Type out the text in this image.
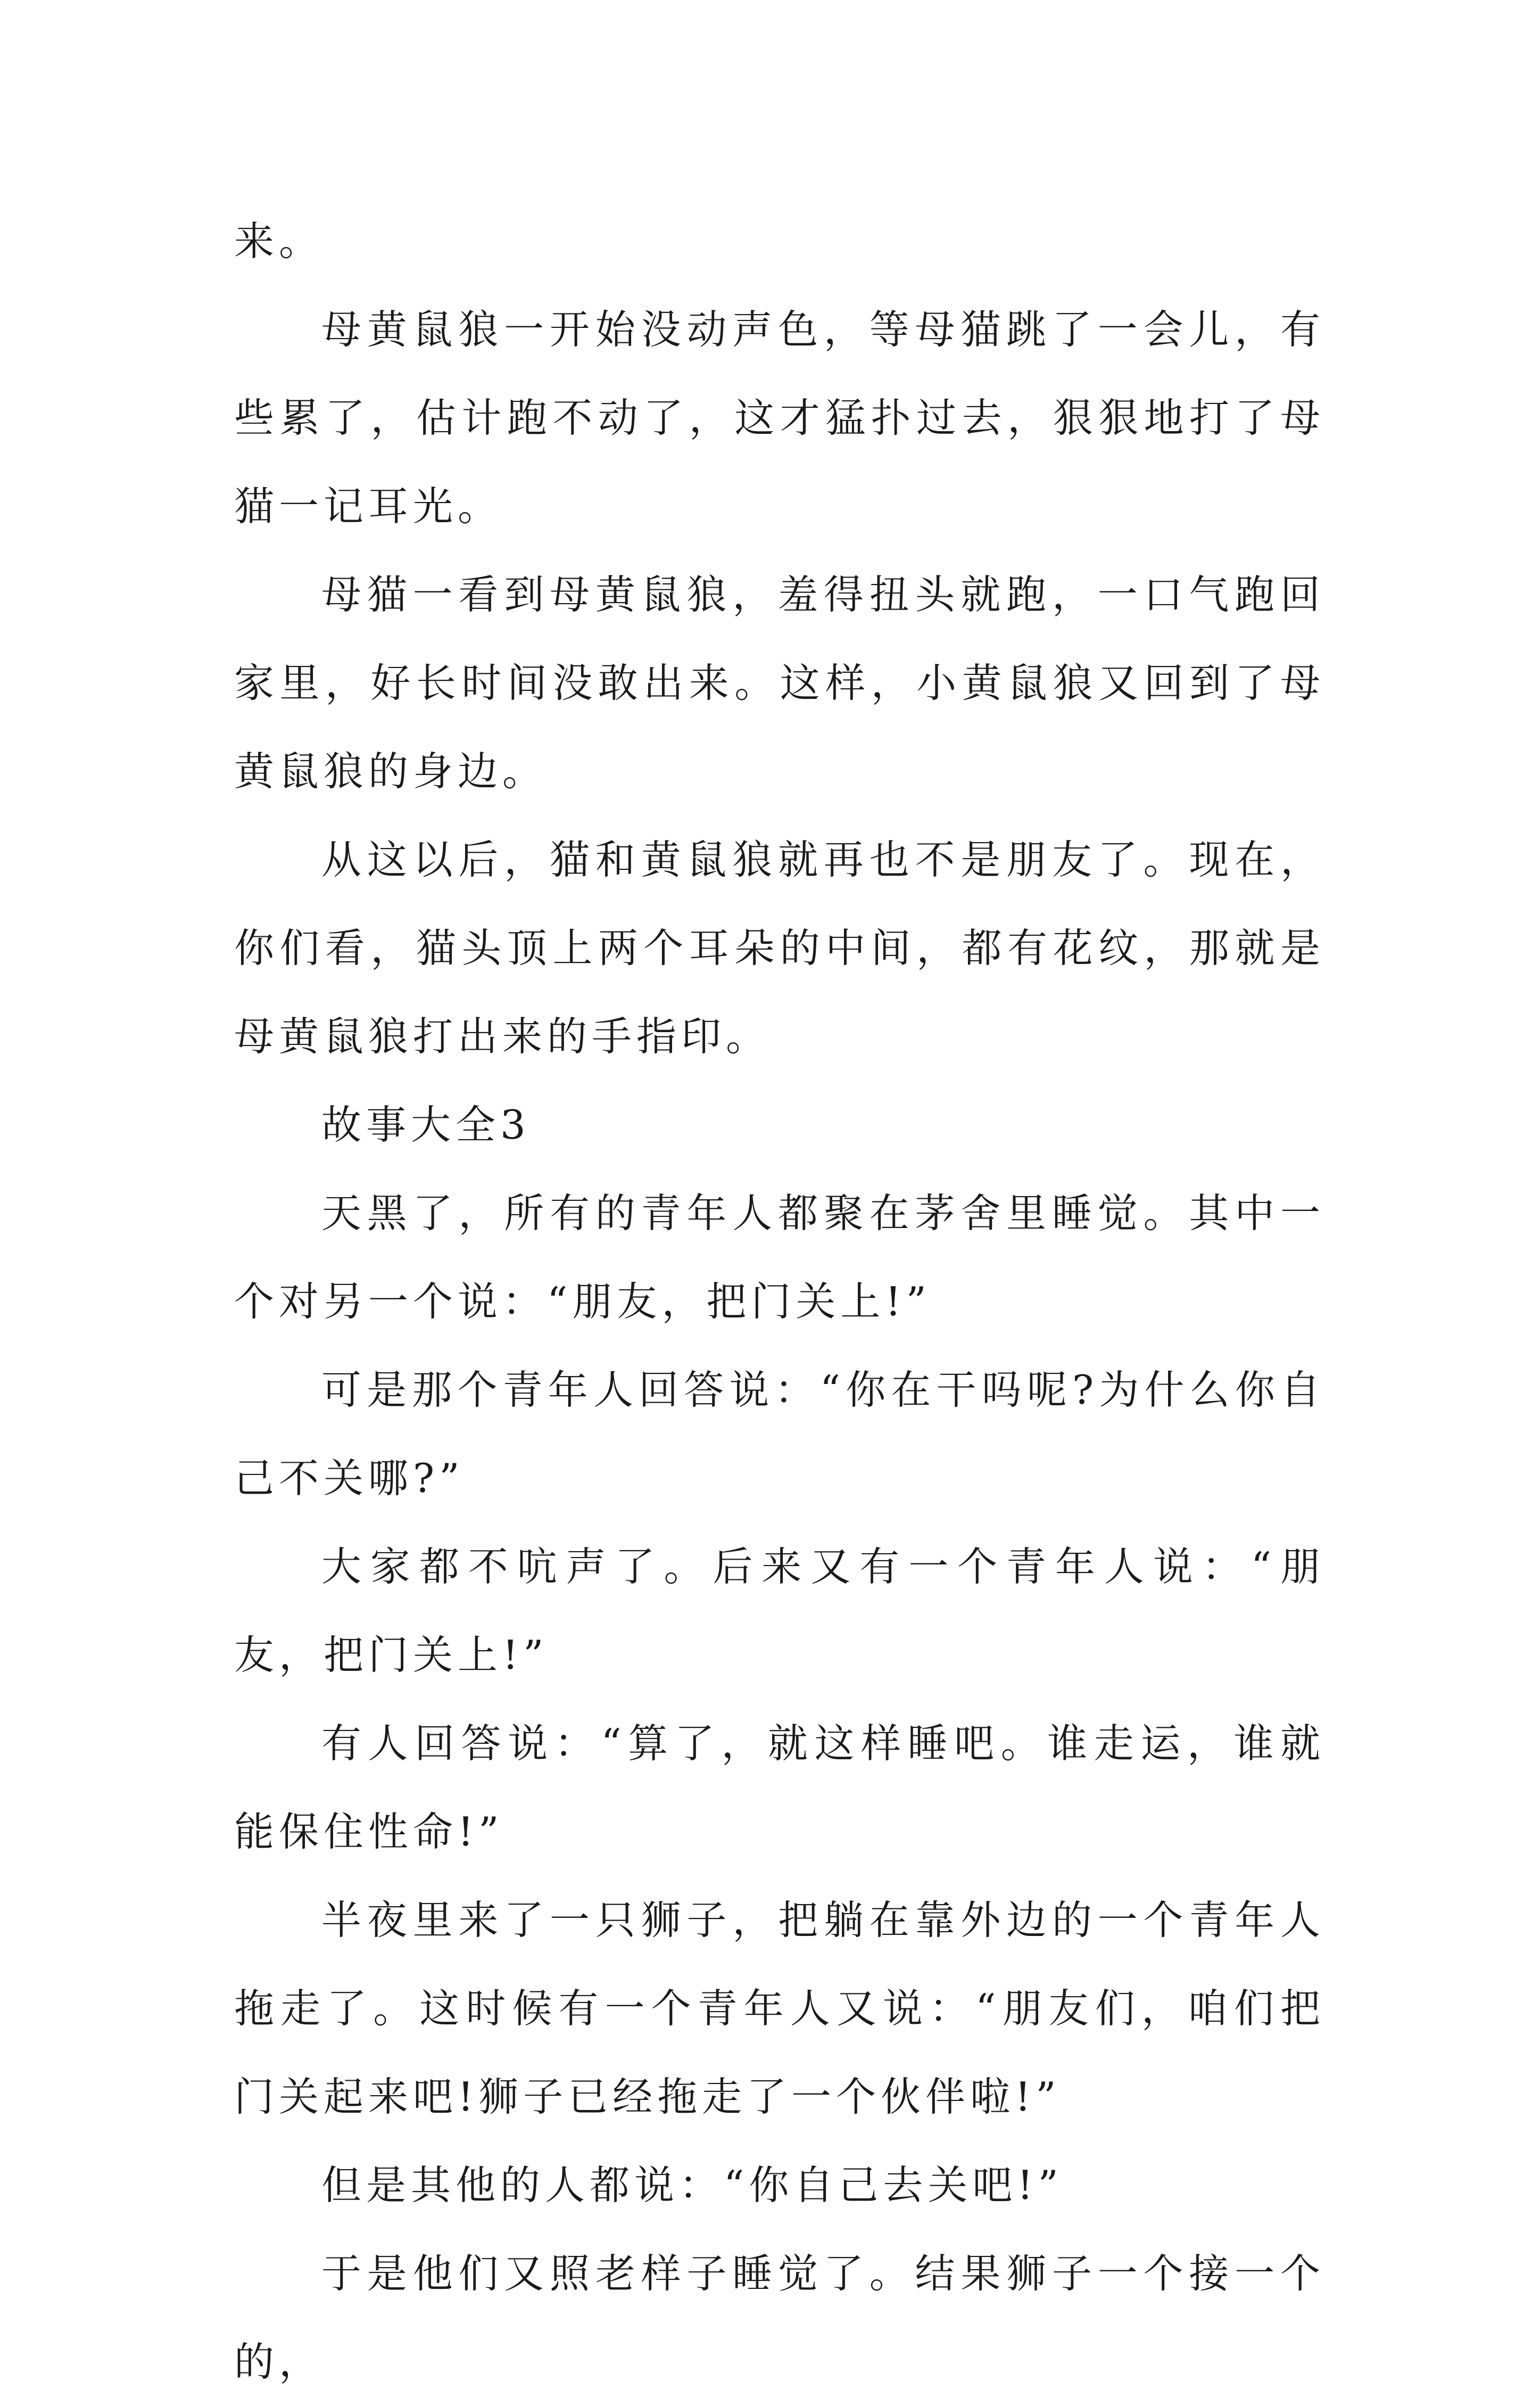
来。

母黄鼠狼一开始没动声色，等母猫跳了一会儿，有些累了，估计跑不动了，这才猛扑过去，狠狠地打了母猫一记耳光。

母猫一看到母黄鼠狼，羞得扭头就跑，一口气跑回家里，好长时间没敢出来。这样，小黄鼠狼又回到了母黄鼠狼的身边。

从这以后，猫和黄鼠狼就再也不是朋友了。现在，你们看，猫头顶上两个耳朵的中间，都有花纹，那就是母黄鼠狼打出来的手指印。

故事大全3

天黑了，所有的青年人都聚在茅舍里睡觉。其中一个对另一个说：“朋友，把门关上!”

可是那个青年人回答说：“你在干吗呢?为什么你自己不关哪?”

大家都不吭声了。后来又有一个青年人说：“朋友，把门关上!”

有人回答说：“算了，就这样睡吧。谁走运，谁就能保住性命!”

半夜里来了一只狮子，把躺在靠外边的一个青年人拖走了。这时候有一个青年人又说：“朋友们，咱们把门关起来吧!狮子已经拖走了一个伙伴啦!”

但是其他的人都说：“你自己去关吧!”

于是他们又照老样子睡觉了。结果狮子一个接一个的，
